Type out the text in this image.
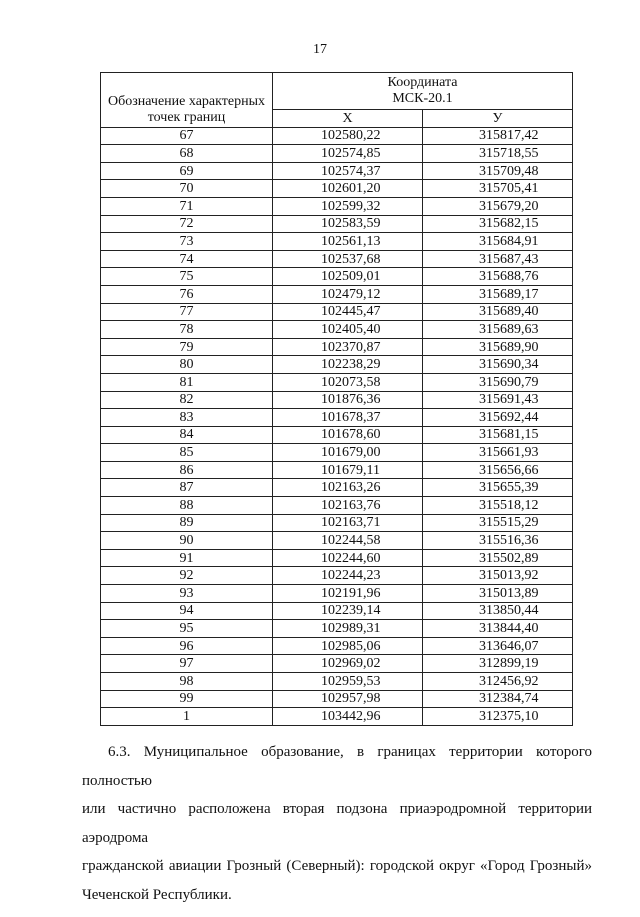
17
Обозначение характерных точек границ	Координата
МСК-20.1	
	X	У
67	102580,22	315817,42
68	102574,85	315718,55
69	102574,37	315709,48
70	102601,20	315705,41
71	102599,32	315679,20
72	102583,59	315682,15
73	102561,13	315684,91
74	102537,68	315687,43
75	102509,01	315688,76
76	102479,12	315689,17
77	102445,47	315689,40
78	102405,40	315689,63
79	102370,87	315689,90
80	102238,29	315690,34
81	102073,58	315690,79
82	101876,36	315691,43
83	101678,37	315692,44
84	101678,60	315681,15
85	101679,00	315661,93
86	101679,11	315656,66
87	102163,26	315655,39
88	102163,76	315518,12
89	102163,71	315515,29
90	102244,58	315516,36
91	102244,60	315502,89
92	102244,23	315013,92
93	102191,96	315013,89
94	102239,14	313850,44
95	102989,31	313844,40
96	102985,06	313646,07
97	102969,02	312899,19
98	102959,53	312456,92
99	102957,98	312384,74
1	103442,96	312375,10
6.3. Муниципальное образование, в границах территории которого полностью
или частично расположена вторая подзона приаэродромной территории аэродрома
гражданской авиации Грозный (Северный): городской округ «Город Грозный»
Чеченской Республики.
